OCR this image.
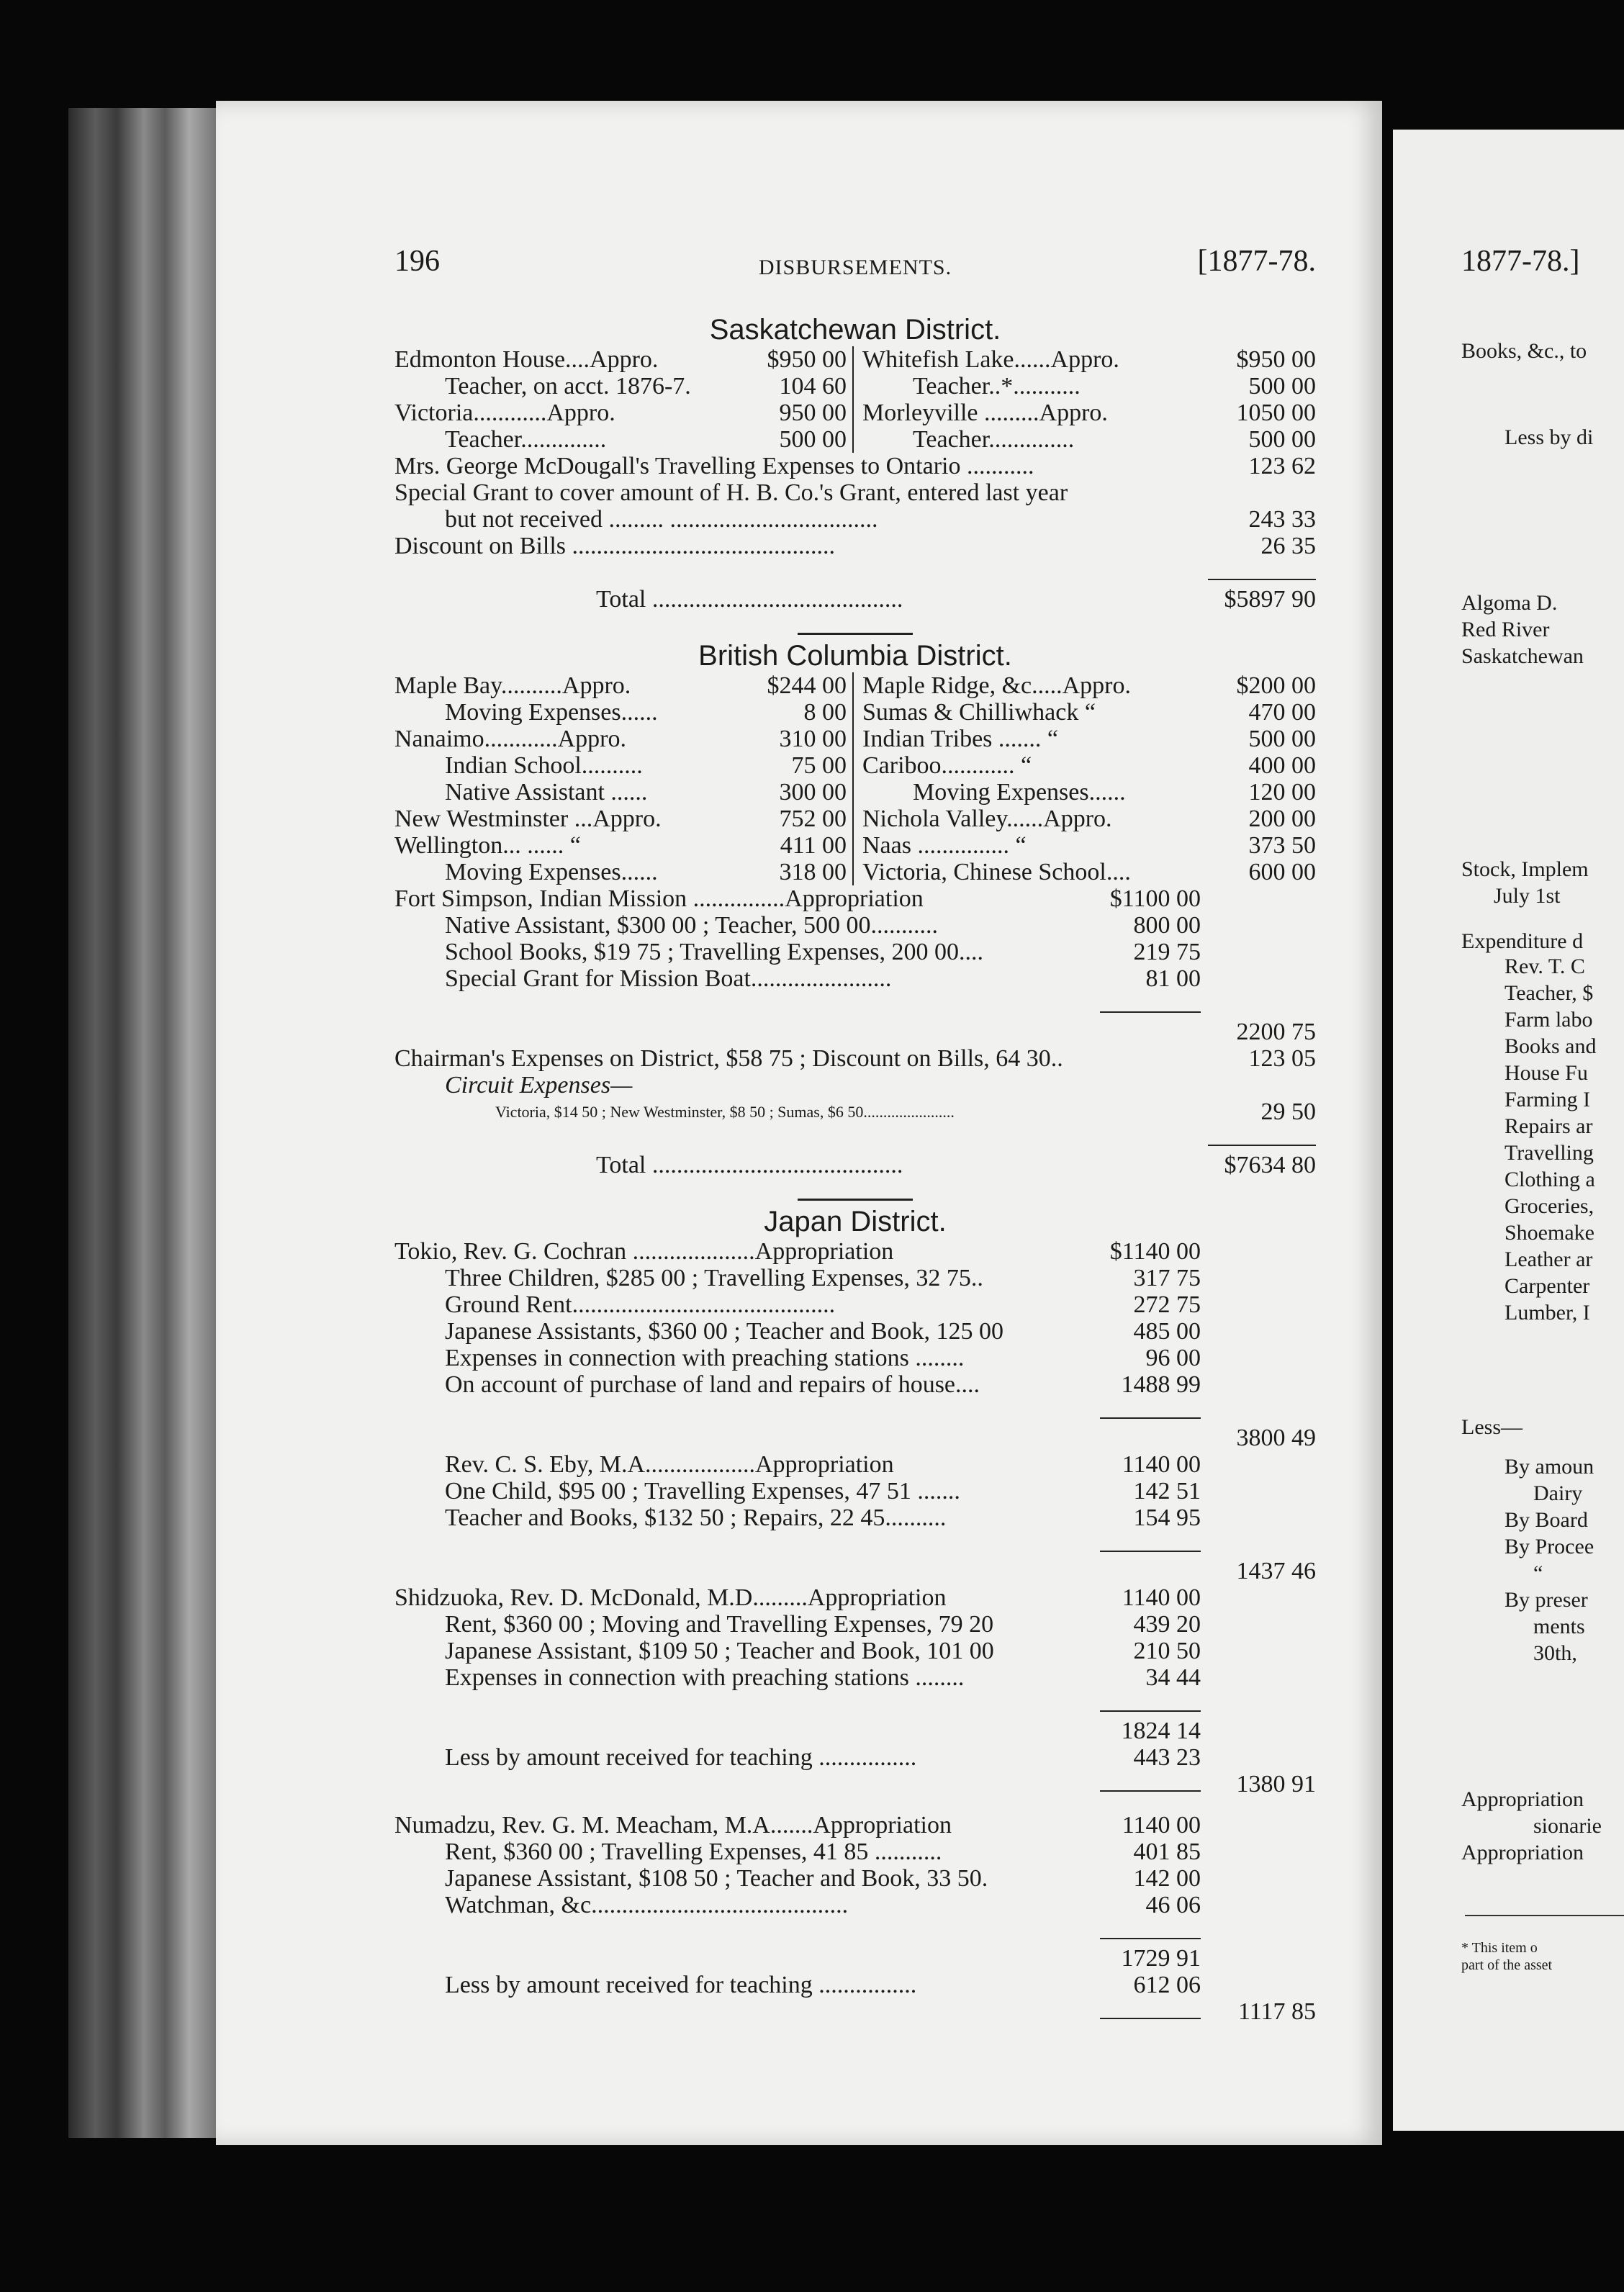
196	DISBURSEMENTS.	[1877-78.
Saskatchewan District.
Edmonton House....Appro.	$950 00
Teacher, on acct. 1876-7.	104 60
Victoria............Appro.	950 00
Teacher..............	500 00
Whitefish Lake......Appro.	$950 00
Teacher..*...........	500 00
Morleyville .........Appro.	1050 00
Teacher..............	500 00
Mrs. George McDougall's Travelling Expenses to Ontario ...........	123 62
Special Grant to cover amount of H. B. Co.'s Grant, entered last year
but not received ......... ..................................	243 33
Discount on Bills ...........................................	26 35
Total .........................................	$5897 90
British Columbia District.
Maple Bay..........Appro.	$244 00
Moving Expenses......	8 00
Nanaimo............Appro.	310 00
Indian School..........	75 00
Native Assistant ......	300 00
New Westminster ...Appro.	752 00
Wellington... ...... “	411 00
Moving Expenses......	318 00
Maple Ridge, &c.....Appro.	$200 00
Sumas & Chilliwhack “	470 00
Indian Tribes ....... “	500 00
Cariboo............ “	400 00
Moving Expenses......	120 00
Nichola Valley......Appro.	200 00
Naas ............... “	373 50
Victoria, Chinese School....	600 00
Fort Simpson, Indian Mission ...............Appropriation	$1100 00
Native Assistant, $300 00 ; Teacher, 500 00...........	800 00
School Books, $19 75 ; Travelling Expenses, 200 00....	219 75
Special Grant for Mission Boat.......................	81 00
2200 75
Chairman's Expenses on District, $58 75 ; Discount on Bills, 64 30..	123 05
Circuit Expenses—
Victoria, $14 50 ; New Westminster, $8 50 ; Sumas, $6 50.......................	29 50
Total .........................................	$7634 80
Japan District.
Tokio, Rev. G. Cochran ....................Appropriation	$1140 00
Three Children, $285 00 ; Travelling Expenses, 32 75..	317 75
Ground Rent...........................................	272 75
Japanese Assistants, $360 00 ; Teacher and Book, 125 00	485 00
Expenses in connection with preaching stations ........	96 00
On account of purchase of land and repairs of house....	1488 99
3800 49
Rev. C. S. Eby, M.A..................Appropriation	1140 00
One Child, $95 00 ; Travelling Expenses, 47 51 .......	142 51
Teacher and Books, $132 50 ; Repairs, 22 45..........	154 95
1437 46
Shidzuoka, Rev. D. McDonald, M.D.........Appropriation	1140 00
Rent, $360 00 ; Moving and Travelling Expenses, 79 20	439 20
Japanese Assistant, $109 50 ; Teacher and Book, 101 00	210 50
Expenses in connection with preaching stations ........	34 44
1824 14
Less by amount received for teaching ................	443 23
1380 91
Numadzu, Rev. G. M. Meacham, M.A.......Appropriation	1140 00
Rent, $360 00 ; Travelling Expenses, 41 85 ...........	401 85
Japanese Assistant, $108 50 ; Teacher and Book, 33 50.	142 00
Watchman, &c..........................................	46 06
1729 91
Less by amount received for teaching ................	612 06
1117 85
1877-78.]
Books, &c., to
Less by di
Algoma D.
Red River
Saskatchewan
Stock, Implem
July 1st
Expenditure d
Rev. T. C
Teacher, $
Farm labo
Books and
House Fu
Farming I
Repairs ar
Travelling
Clothing a
Groceries,
Shoemake
Leather ar
Carpenter
Lumber, I
Less—
By amoun
Dairy
By Board
By Procee
“
By preser
ments
30th,
Appropriation
sionarie
Appropriation
* This item o
part of the asset
